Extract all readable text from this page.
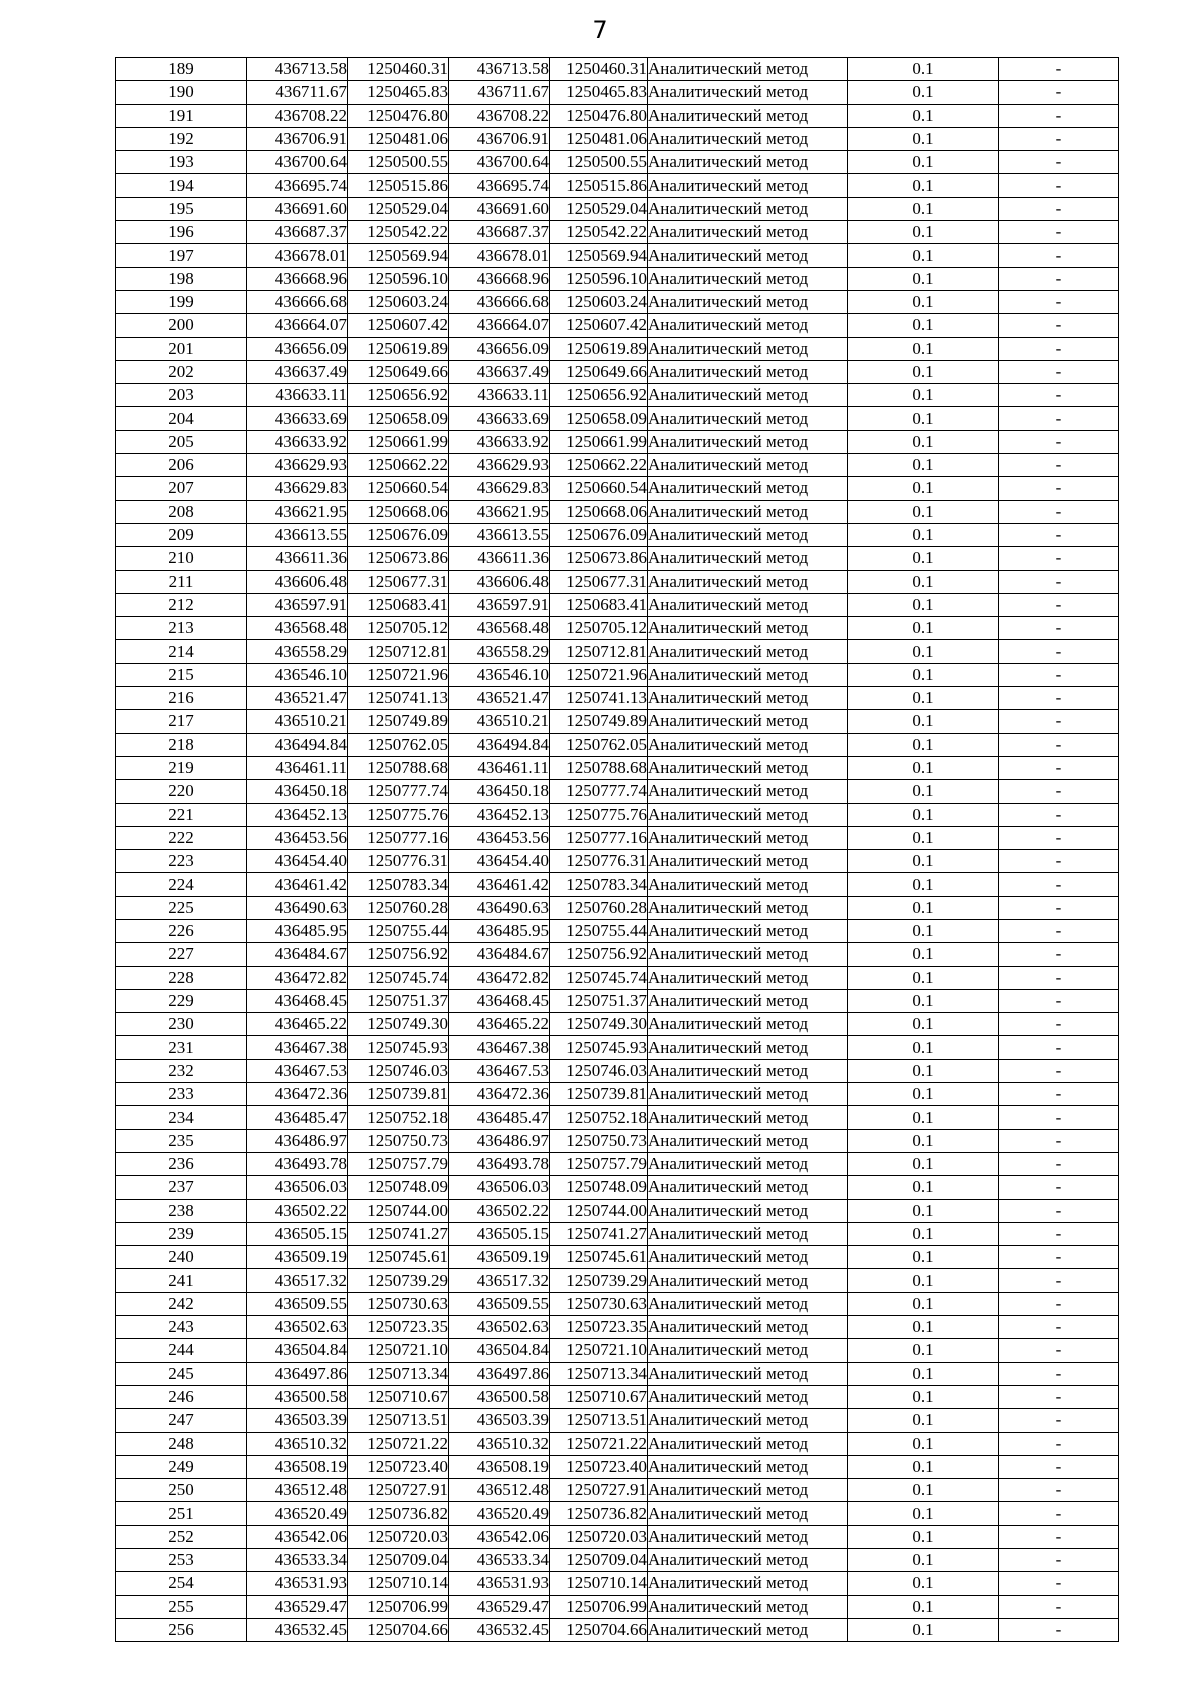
7
189	436713.58	1250460.31	436713.58	1250460.31	Аналитический метод	0.1	-
190	436711.67	1250465.83	436711.67	1250465.83	Аналитический метод	0.1	-
191	436708.22	1250476.80	436708.22	1250476.80	Аналитический метод	0.1	-
192	436706.91	1250481.06	436706.91	1250481.06	Аналитический метод	0.1	-
193	436700.64	1250500.55	436700.64	1250500.55	Аналитический метод	0.1	-
194	436695.74	1250515.86	436695.74	1250515.86	Аналитический метод	0.1	-
195	436691.60	1250529.04	436691.60	1250529.04	Аналитический метод	0.1	-
196	436687.37	1250542.22	436687.37	1250542.22	Аналитический метод	0.1	-
197	436678.01	1250569.94	436678.01	1250569.94	Аналитический метод	0.1	-
198	436668.96	1250596.10	436668.96	1250596.10	Аналитический метод	0.1	-
199	436666.68	1250603.24	436666.68	1250603.24	Аналитический метод	0.1	-
200	436664.07	1250607.42	436664.07	1250607.42	Аналитический метод	0.1	-
201	436656.09	1250619.89	436656.09	1250619.89	Аналитический метод	0.1	-
202	436637.49	1250649.66	436637.49	1250649.66	Аналитический метод	0.1	-
203	436633.11	1250656.92	436633.11	1250656.92	Аналитический метод	0.1	-
204	436633.69	1250658.09	436633.69	1250658.09	Аналитический метод	0.1	-
205	436633.92	1250661.99	436633.92	1250661.99	Аналитический метод	0.1	-
206	436629.93	1250662.22	436629.93	1250662.22	Аналитический метод	0.1	-
207	436629.83	1250660.54	436629.83	1250660.54	Аналитический метод	0.1	-
208	436621.95	1250668.06	436621.95	1250668.06	Аналитический метод	0.1	-
209	436613.55	1250676.09	436613.55	1250676.09	Аналитический метод	0.1	-
210	436611.36	1250673.86	436611.36	1250673.86	Аналитический метод	0.1	-
211	436606.48	1250677.31	436606.48	1250677.31	Аналитический метод	0.1	-
212	436597.91	1250683.41	436597.91	1250683.41	Аналитический метод	0.1	-
213	436568.48	1250705.12	436568.48	1250705.12	Аналитический метод	0.1	-
214	436558.29	1250712.81	436558.29	1250712.81	Аналитический метод	0.1	-
215	436546.10	1250721.96	436546.10	1250721.96	Аналитический метод	0.1	-
216	436521.47	1250741.13	436521.47	1250741.13	Аналитический метод	0.1	-
217	436510.21	1250749.89	436510.21	1250749.89	Аналитический метод	0.1	-
218	436494.84	1250762.05	436494.84	1250762.05	Аналитический метод	0.1	-
219	436461.11	1250788.68	436461.11	1250788.68	Аналитический метод	0.1	-
220	436450.18	1250777.74	436450.18	1250777.74	Аналитический метод	0.1	-
221	436452.13	1250775.76	436452.13	1250775.76	Аналитический метод	0.1	-
222	436453.56	1250777.16	436453.56	1250777.16	Аналитический метод	0.1	-
223	436454.40	1250776.31	436454.40	1250776.31	Аналитический метод	0.1	-
224	436461.42	1250783.34	436461.42	1250783.34	Аналитический метод	0.1	-
225	436490.63	1250760.28	436490.63	1250760.28	Аналитический метод	0.1	-
226	436485.95	1250755.44	436485.95	1250755.44	Аналитический метод	0.1	-
227	436484.67	1250756.92	436484.67	1250756.92	Аналитический метод	0.1	-
228	436472.82	1250745.74	436472.82	1250745.74	Аналитический метод	0.1	-
229	436468.45	1250751.37	436468.45	1250751.37	Аналитический метод	0.1	-
230	436465.22	1250749.30	436465.22	1250749.30	Аналитический метод	0.1	-
231	436467.38	1250745.93	436467.38	1250745.93	Аналитический метод	0.1	-
232	436467.53	1250746.03	436467.53	1250746.03	Аналитический метод	0.1	-
233	436472.36	1250739.81	436472.36	1250739.81	Аналитический метод	0.1	-
234	436485.47	1250752.18	436485.47	1250752.18	Аналитический метод	0.1	-
235	436486.97	1250750.73	436486.97	1250750.73	Аналитический метод	0.1	-
236	436493.78	1250757.79	436493.78	1250757.79	Аналитический метод	0.1	-
237	436506.03	1250748.09	436506.03	1250748.09	Аналитический метод	0.1	-
238	436502.22	1250744.00	436502.22	1250744.00	Аналитический метод	0.1	-
239	436505.15	1250741.27	436505.15	1250741.27	Аналитический метод	0.1	-
240	436509.19	1250745.61	436509.19	1250745.61	Аналитический метод	0.1	-
241	436517.32	1250739.29	436517.32	1250739.29	Аналитический метод	0.1	-
242	436509.55	1250730.63	436509.55	1250730.63	Аналитический метод	0.1	-
243	436502.63	1250723.35	436502.63	1250723.35	Аналитический метод	0.1	-
244	436504.84	1250721.10	436504.84	1250721.10	Аналитический метод	0.1	-
245	436497.86	1250713.34	436497.86	1250713.34	Аналитический метод	0.1	-
246	436500.58	1250710.67	436500.58	1250710.67	Аналитический метод	0.1	-
247	436503.39	1250713.51	436503.39	1250713.51	Аналитический метод	0.1	-
248	436510.32	1250721.22	436510.32	1250721.22	Аналитический метод	0.1	-
249	436508.19	1250723.40	436508.19	1250723.40	Аналитический метод	0.1	-
250	436512.48	1250727.91	436512.48	1250727.91	Аналитический метод	0.1	-
251	436520.49	1250736.82	436520.49	1250736.82	Аналитический метод	0.1	-
252	436542.06	1250720.03	436542.06	1250720.03	Аналитический метод	0.1	-
253	436533.34	1250709.04	436533.34	1250709.04	Аналитический метод	0.1	-
254	436531.93	1250710.14	436531.93	1250710.14	Аналитический метод	0.1	-
255	436529.47	1250706.99	436529.47	1250706.99	Аналитический метод	0.1	-
256	436532.45	1250704.66	436532.45	1250704.66	Аналитический метод	0.1	-
